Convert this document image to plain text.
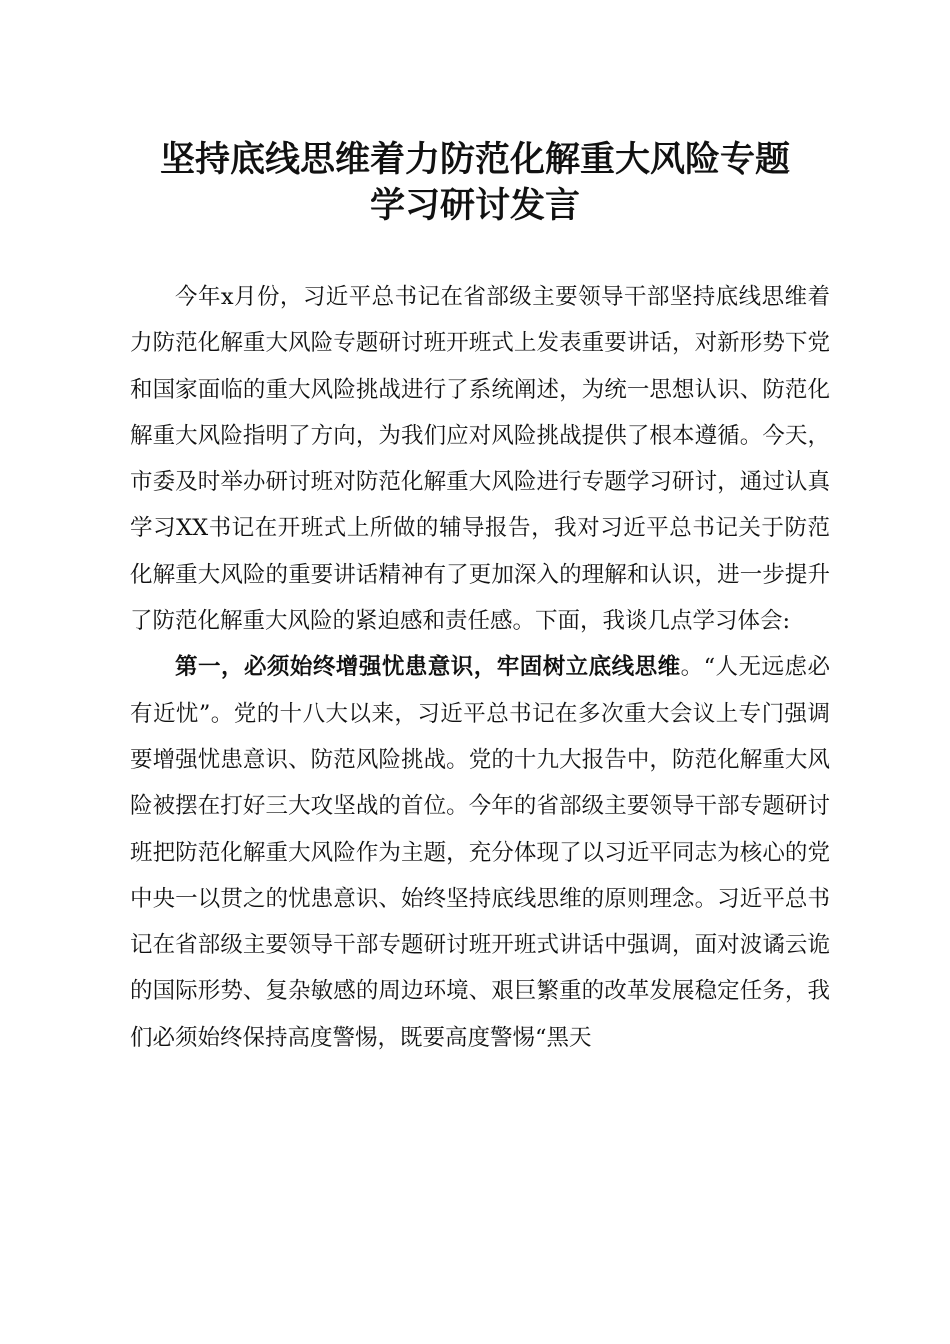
坚持底线思维着力防范化解重大风险专题
学习研讨发言

今年x月份，习近平总书记在省部级主要领导干部坚持底线思维着力防范化解重大风险专题研讨班开班式上发表重要讲话，对新形势下党和国家面临的重大风险挑战进行了系统阐述，为统一思想认识、防范化解重大风险指明了方向，为我们应对风险挑战提供了根本遵循。今天，市委及时举办研讨班对防范化解重大风险进行专题学习研讨，通过认真学习XX书记在开班式上所做的辅导报告，我对习近平总书记关于防范化解重大风险的重要讲话精神有了更加深入的理解和认识，进一步提升了防范化解重大风险的紧迫感和责任感。下面，我谈几点学习体会:

第一，必须始终增强忧患意识，牢固树立底线思维。“人无远虑必有近忧”。党的十八大以来，习近平总书记在多次重大会议上专门强调要增强忧患意识、防范风险挑战。党的十九大报告中，防范化解重大风险被摆在打好三大攻坚战的首位。今年的省部级主要领导干部专题研讨班把防范化解重大风险作为主题，充分体现了以习近平同志为核心的党中央一以贯之的忧患意识、始终坚持底线思维的原则理念。习近平总书记在省部级主要领导干部专题研讨班开班式讲话中强调，面对波谲云诡的国际形势、复杂敏感的周边环境、艰巨繁重的改革发展稳定任务，我们必须始终保持高度警惕，既要高度警惕“黑天
